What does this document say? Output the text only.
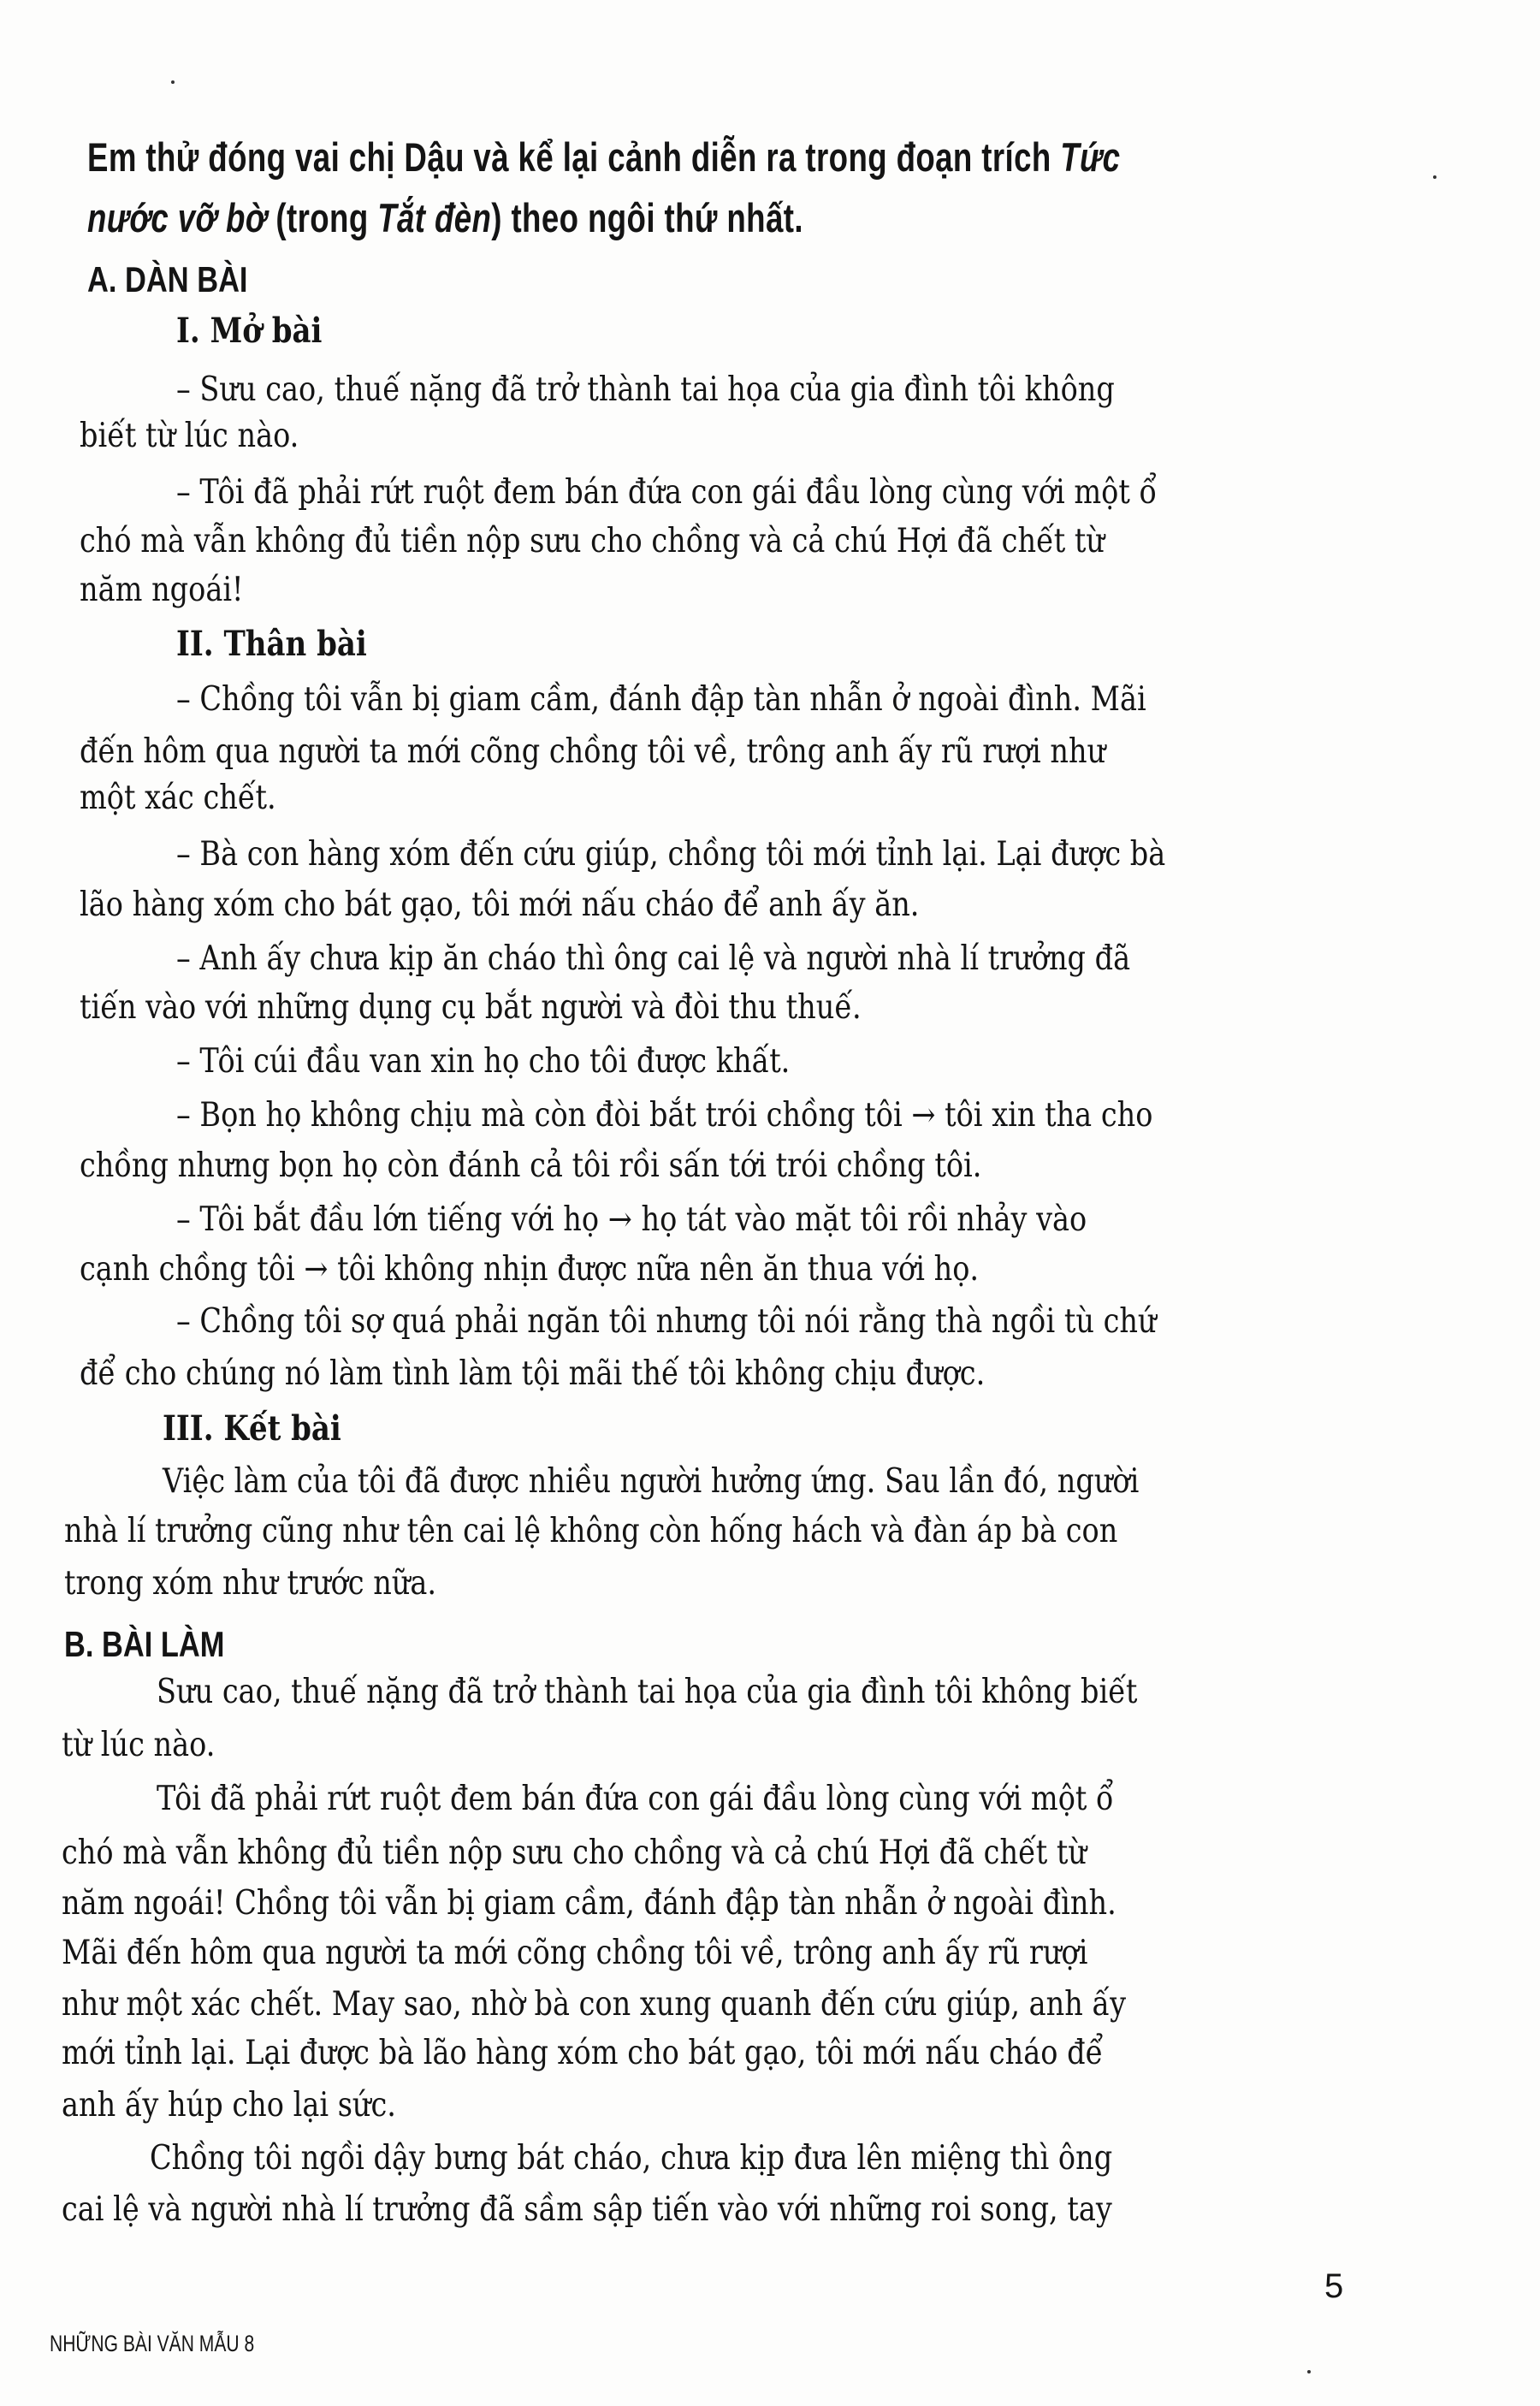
Em thử đóng vai chị Dậu và kể lại cảnh diễn ra trong đoạn trích Tức
nước vỡ bờ (trong Tắt đèn) theo ngôi thứ nhất.
A. DÀN BÀI
I. Mở bài
– Sưu cao, thuế nặng đã trở thành tai họa của gia đình tôi không
biết từ lúc nào.
– Tôi đã phải rứt ruột đem bán đứa con gái đầu lòng cùng với một ổ
chó mà vẫn không đủ tiền nộp sưu cho chồng và cả chú Hợi đã chết từ
năm ngoái!
II. Thân bài
– Chồng tôi vẫn bị giam cầm, đánh đập tàn nhẫn ở ngoài đình. Mãi
đến hôm qua người ta mới cõng chồng tôi về, trông anh ấy rũ rượi như
một xác chết.
– Bà con hàng xóm đến cứu giúp, chồng tôi mới tỉnh lại. Lại được bà
lão hàng xóm cho bát gạo, tôi mới nấu cháo để anh ấy ăn.
– Anh ấy chưa kịp ăn cháo thì ông cai lệ và người nhà lí trưởng đã
tiến vào với những dụng cụ bắt người và đòi thu thuế.
– Tôi cúi đầu van xin họ cho tôi được khất.
– Bọn họ không chịu mà còn đòi bắt trói chồng tôi → tôi xin tha cho
chồng nhưng bọn họ còn đánh cả tôi rồi sấn tới trói chồng tôi.
– Tôi bắt đầu lớn tiếng với họ → họ tát vào mặt tôi rồi nhảy vào
cạnh chồng tôi → tôi không nhịn được nữa nên ăn thua với họ.
– Chồng tôi sợ quá phải ngăn tôi nhưng tôi nói rằng thà ngồi tù chứ
để cho chúng nó làm tình làm tội mãi thế tôi không chịu được.
III. Kết bài
Việc làm của tôi đã được nhiều người hưởng ứng. Sau lần đó, người
nhà lí trưởng cũng như tên cai lệ không còn hống hách và đàn áp bà con
trong xóm như trước nữa.
B. BÀI LÀM
Sưu cao, thuế nặng đã trở thành tai họa của gia đình tôi không biết
từ lúc nào.
Tôi đã phải rứt ruột đem bán đứa con gái đầu lòng cùng với một ổ
chó mà vẫn không đủ tiền nộp sưu cho chồng và cả chú Hợi đã chết từ
năm ngoái! Chồng tôi vẫn bị giam cầm, đánh đập tàn nhẫn ở ngoài đình.
Mãi đến hôm qua người ta mới cõng chồng tôi về, trông anh ấy rũ rượi
như một xác chết. May sao, nhờ bà con xung quanh đến cứu giúp, anh ấy
mới tỉnh lại. Lại được bà lão hàng xóm cho bát gạo, tôi mới nấu cháo để
anh ấy húp cho lại sức.
Chồng tôi ngồi dậy bưng bát cháo, chưa kịp đưa lên miệng thì ông
cai lệ và người nhà lí trưởng đã sầm sập tiến vào với những roi song, tay
5
NHỮNG BÀI VĂN MẪU 8
